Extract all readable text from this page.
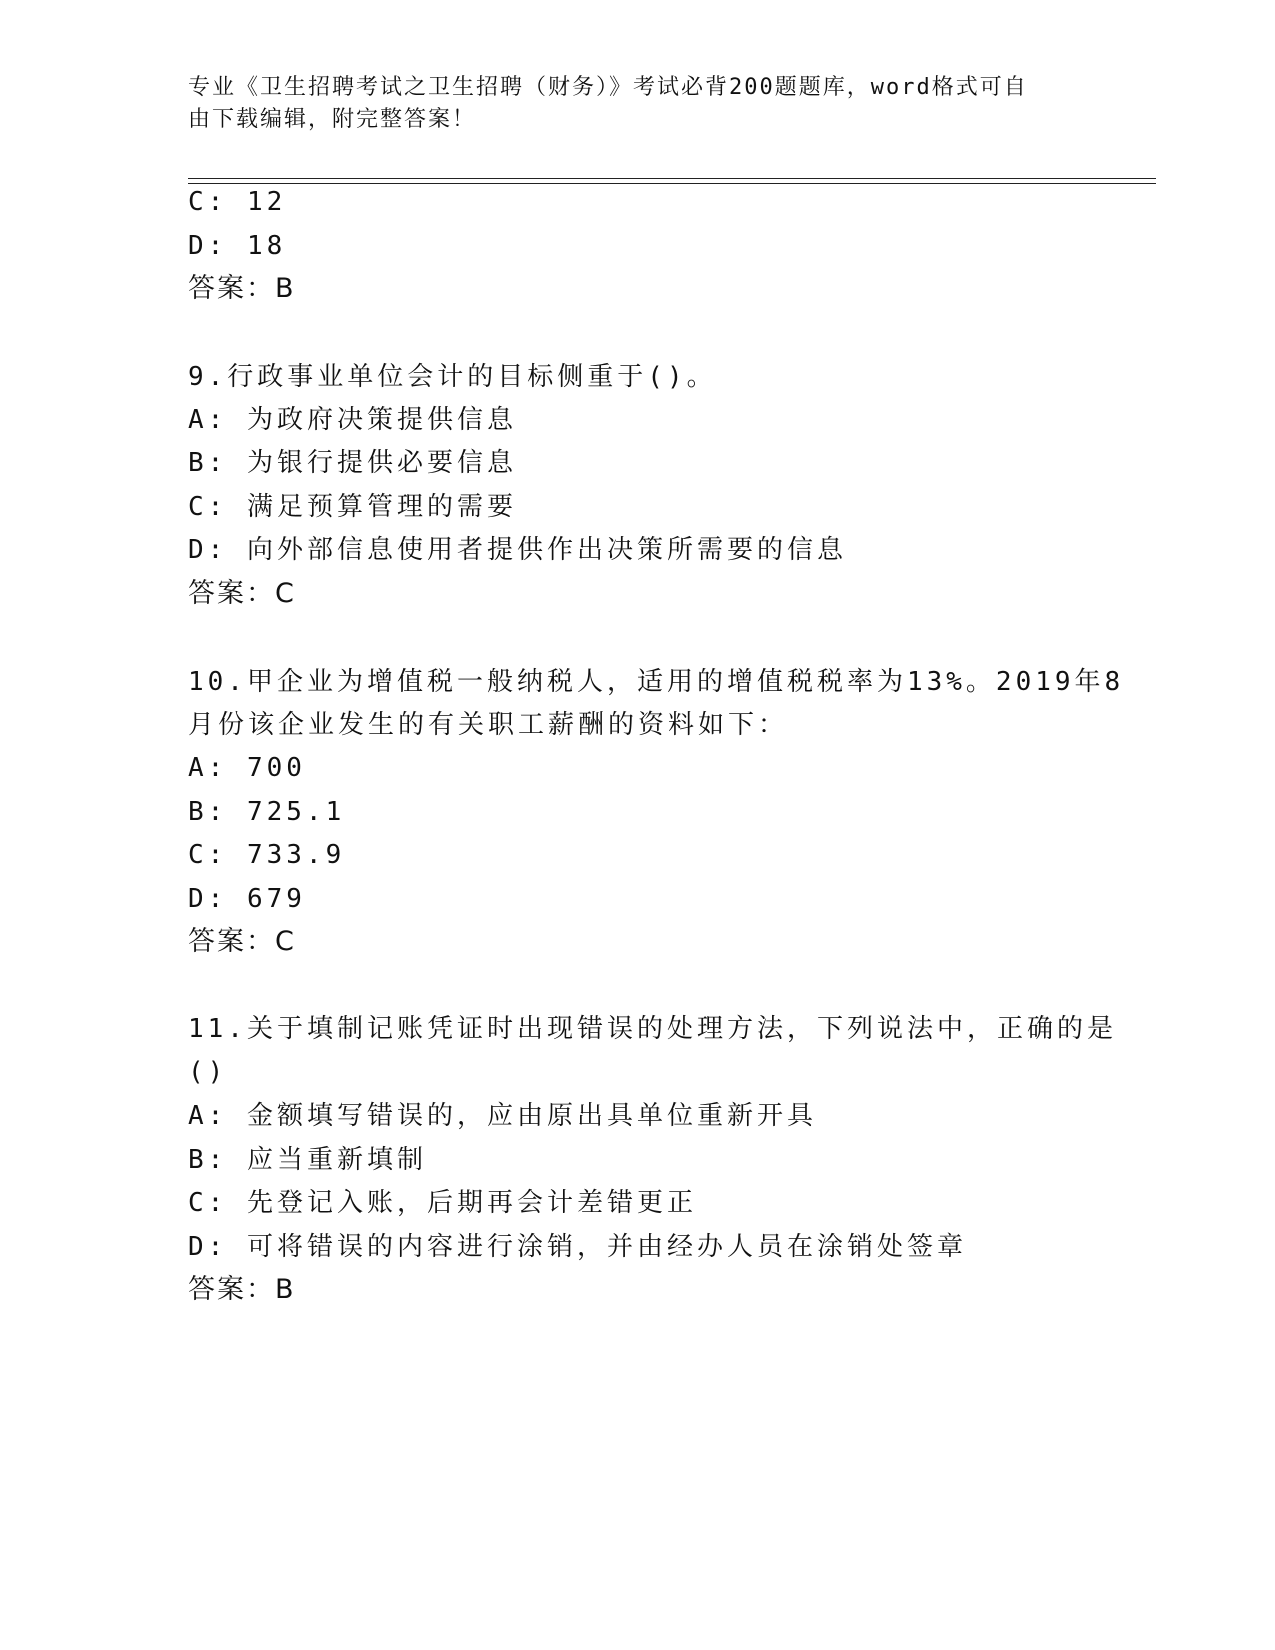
专业《卫生招聘考试之卫生招聘（财务）》考试必背200题题库，word格式可自
由下载编辑，附完整答案！
C: 12
D: 18
答案：B
9.行政事业单位会计的目标侧重于()。
A: 为政府决策提供信息
B: 为银行提供必要信息
C: 满足预算管理的需要
D: 向外部信息使用者提供作出决策所需要的信息
答案：C
10.甲企业为增值税一般纳税人，适用的增值税税率为13%。2019年8
月份该企业发生的有关职工薪酬的资料如下：
A: 700
B: 725.1
C: 733.9
D: 679
答案：C
11.关于填制记账凭证时出现错误的处理方法，下列说法中，正确的是
()
A: 金额填写错误的，应由原出具单位重新开具
B: 应当重新填制
C: 先登记入账，后期再会计差错更正
D: 可将错误的内容进行涂销，并由经办人员在涂销处签章
答案：B
